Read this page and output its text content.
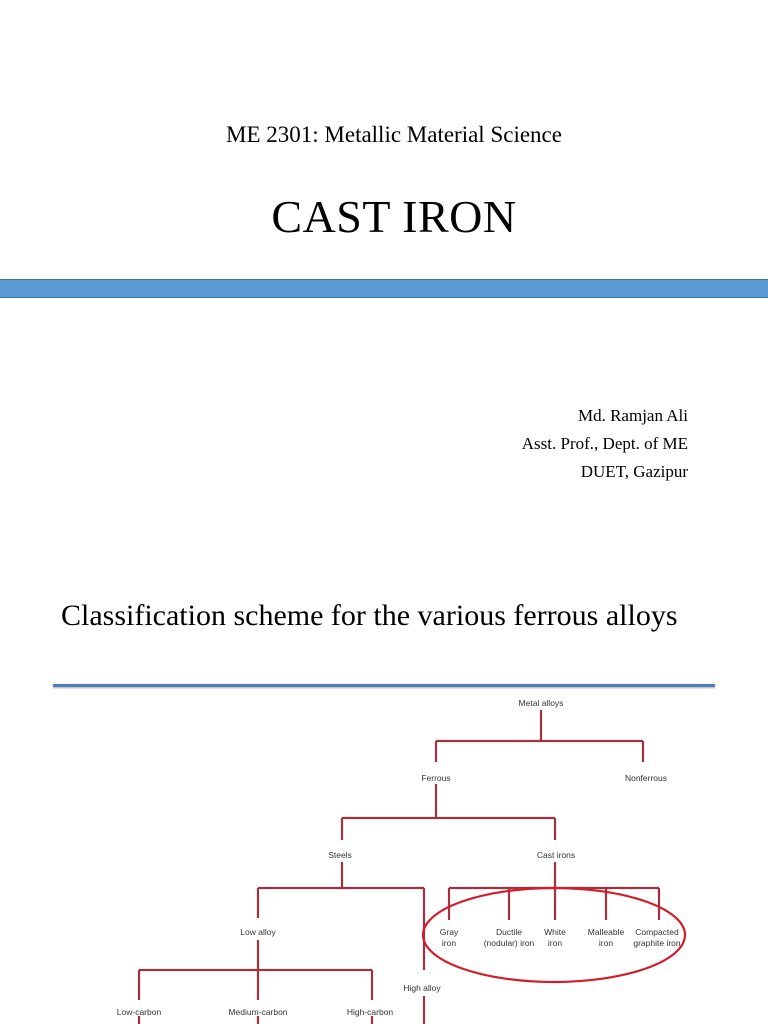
ME 2301: Metallic Material Science
CAST IRON
Md. Ramjan Ali
Asst. Prof., Dept. of ME
DUET, Gazipur
Classification scheme for the various ferrous alloys
Metal alloys
Ferrous	Nonferrous
Steels	Cast irons
Low alloy
High alloy
Gray
iron
Ductile
(nodular) iron
White
iron
Malleable
iron
Compacted
graphite iron
Low-carbon	Medium-carbon	High-carbon
